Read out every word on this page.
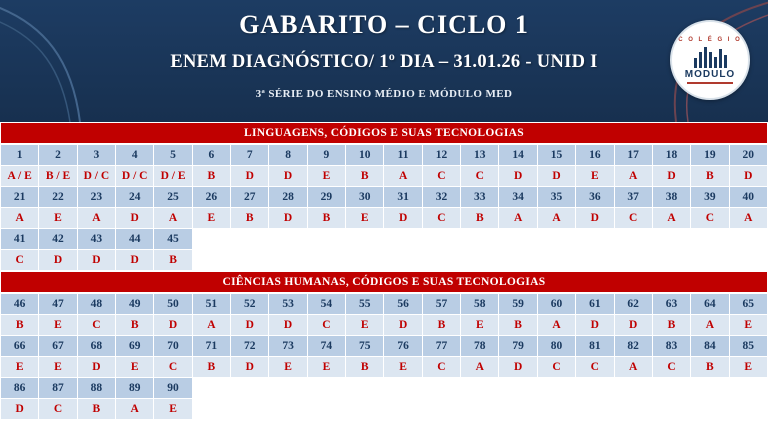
GABARITO – CICLO 1
ENEM DIAGNÓSTICO/ 1º DIA – 31.01.26 - UNID I
3ª SÉRIE DO ENSINO MÉDIO E MÓDULO MED
C O L É G I O
MODULO
LINGUAGENS, CÓDIGOS E SUAS TECNOLOGIAS
1	2	3	4	5	6	7	8	9	10	11	12	13	14	15	16	17	18	19	20
A / E	B / E	D / C	D / C	D / E	B	D	D	E	B	A	C	C	D	D	E	A	D	B	D
21	22	23	24	25	26	27	28	29	30	31	32	33	34	35	36	37	38	39	40
A	E	A	D	A	E	B	D	B	E	D	C	B	A	A	D	C	A	C	A
41	42	43	44	45															
C	D	D	D	B															
CIÊNCIAS HUMANAS, CÓDIGOS E SUAS TECNOLOGIAS
46	47	48	49	50	51	52	53	54	55	56	57	58	59	60	61	62	63	64	65
B	E	C	B	D	A	D	D	C	E	D	B	E	B	A	D	D	B	A	E
66	67	68	69	70	71	72	73	74	75	76	77	78	79	80	81	82	83	84	85
E	E	D	E	C	B	D	E	E	B	E	C	A	D	C	C	A	C	B	E
86	87	88	89	90															
D	C	B	A	E															
